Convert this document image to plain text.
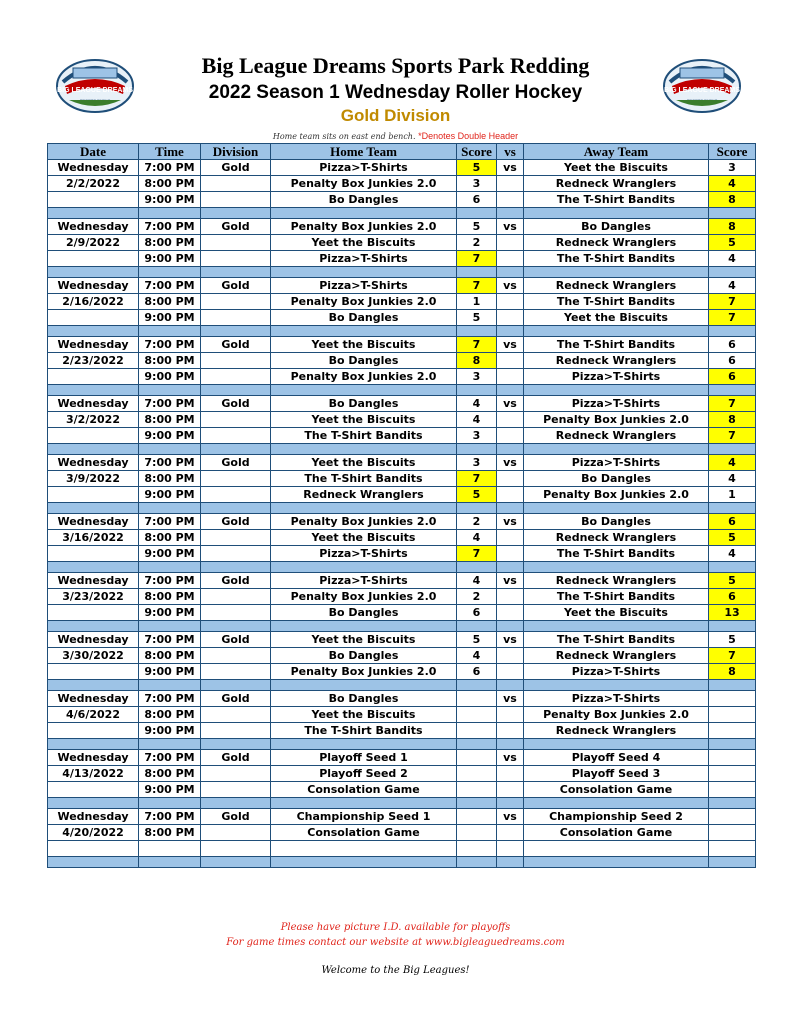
BIG LEAGUE DREAMS	BIG LEAGUE DREAMS
Big League Dreams Sports Park Redding
2022 Season 1 Wednesday Roller Hockey
Gold Division
Home team sits on east end bench. *Denotes Double Header
Date	Time	Division	Home Team	Score	vs	Away Team	Score
Wednesday	7:00 PM	Gold	Pizza>T-Shirts	5	vs	Yeet the Biscuits	3
2/2/2022	8:00 PM		Penalty Box Junkies 2.0	3		Redneck Wranglers	4
	9:00 PM		Bo Dangles	6		The T-Shirt Bandits	8

Wednesday	7:00 PM	Gold	Penalty Box Junkies 2.0	5	vs	Bo Dangles	8
2/9/2022	8:00 PM		Yeet the Biscuits	2		Redneck Wranglers	5
	9:00 PM		Pizza>T-Shirts	7		The T-Shirt Bandits	4

Wednesday	7:00 PM	Gold	Pizza>T-Shirts	7	vs	Redneck Wranglers	4
2/16/2022	8:00 PM		Penalty Box Junkies 2.0	1		The T-Shirt Bandits	7
	9:00 PM		Bo Dangles	5		Yeet the Biscuits	7

Wednesday	7:00 PM	Gold	Yeet the Biscuits	7	vs	The T-Shirt Bandits	6
2/23/2022	8:00 PM		Bo Dangles	8		Redneck Wranglers	6
	9:00 PM		Penalty Box Junkies 2.0	3		Pizza>T-Shirts	6

Wednesday	7:00 PM	Gold	Bo Dangles	4	vs	Pizza>T-Shirts	7
3/2/2022	8:00 PM		Yeet the Biscuits	4		Penalty Box Junkies 2.0	8
	9:00 PM		The T-Shirt Bandits	3		Redneck Wranglers	7

Wednesday	7:00 PM	Gold	Yeet the Biscuits	3	vs	Pizza>T-Shirts	4
3/9/2022	8:00 PM		The T-Shirt Bandits	7		Bo Dangles	4
	9:00 PM		Redneck Wranglers	5		Penalty Box Junkies 2.0	1

Wednesday	7:00 PM	Gold	Penalty Box Junkies 2.0	2	vs	Bo Dangles	6
3/16/2022	8:00 PM		Yeet the Biscuits	4		Redneck Wranglers	5
	9:00 PM		Pizza>T-Shirts	7		The T-Shirt Bandits	4

Wednesday	7:00 PM	Gold	Pizza>T-Shirts	4	vs	Redneck Wranglers	5
3/23/2022	8:00 PM		Penalty Box Junkies 2.0	2		The T-Shirt Bandits	6
	9:00 PM		Bo Dangles	6		Yeet the Biscuits	13

Wednesday	7:00 PM	Gold	Yeet the Biscuits	5	vs	The T-Shirt Bandits	5
3/30/2022	8:00 PM		Bo Dangles	4		Redneck Wranglers	7
	9:00 PM		Penalty Box Junkies 2.0	6		Pizza>T-Shirts	8

Wednesday	7:00 PM	Gold	Bo Dangles		vs	Pizza>T-Shirts	
4/6/2022	8:00 PM		Yeet the Biscuits			Penalty Box Junkies 2.0	
	9:00 PM		The T-Shirt Bandits			Redneck Wranglers	

Wednesday	7:00 PM	Gold	Playoff Seed 1		vs	Playoff Seed 4	
4/13/2022	8:00 PM		Playoff Seed 2			Playoff Seed 3	
	9:00 PM		Consolation Game			Consolation Game	

Wednesday	7:00 PM	Gold	Championship Seed 1		vs	Championship Seed 2	
4/20/2022	8:00 PM		Consolation Game			Consolation Game	

Please have picture I.D. available for playoffs
For game times contact our website at www.bigleaguedreams.com
Welcome to the Big Leagues!
